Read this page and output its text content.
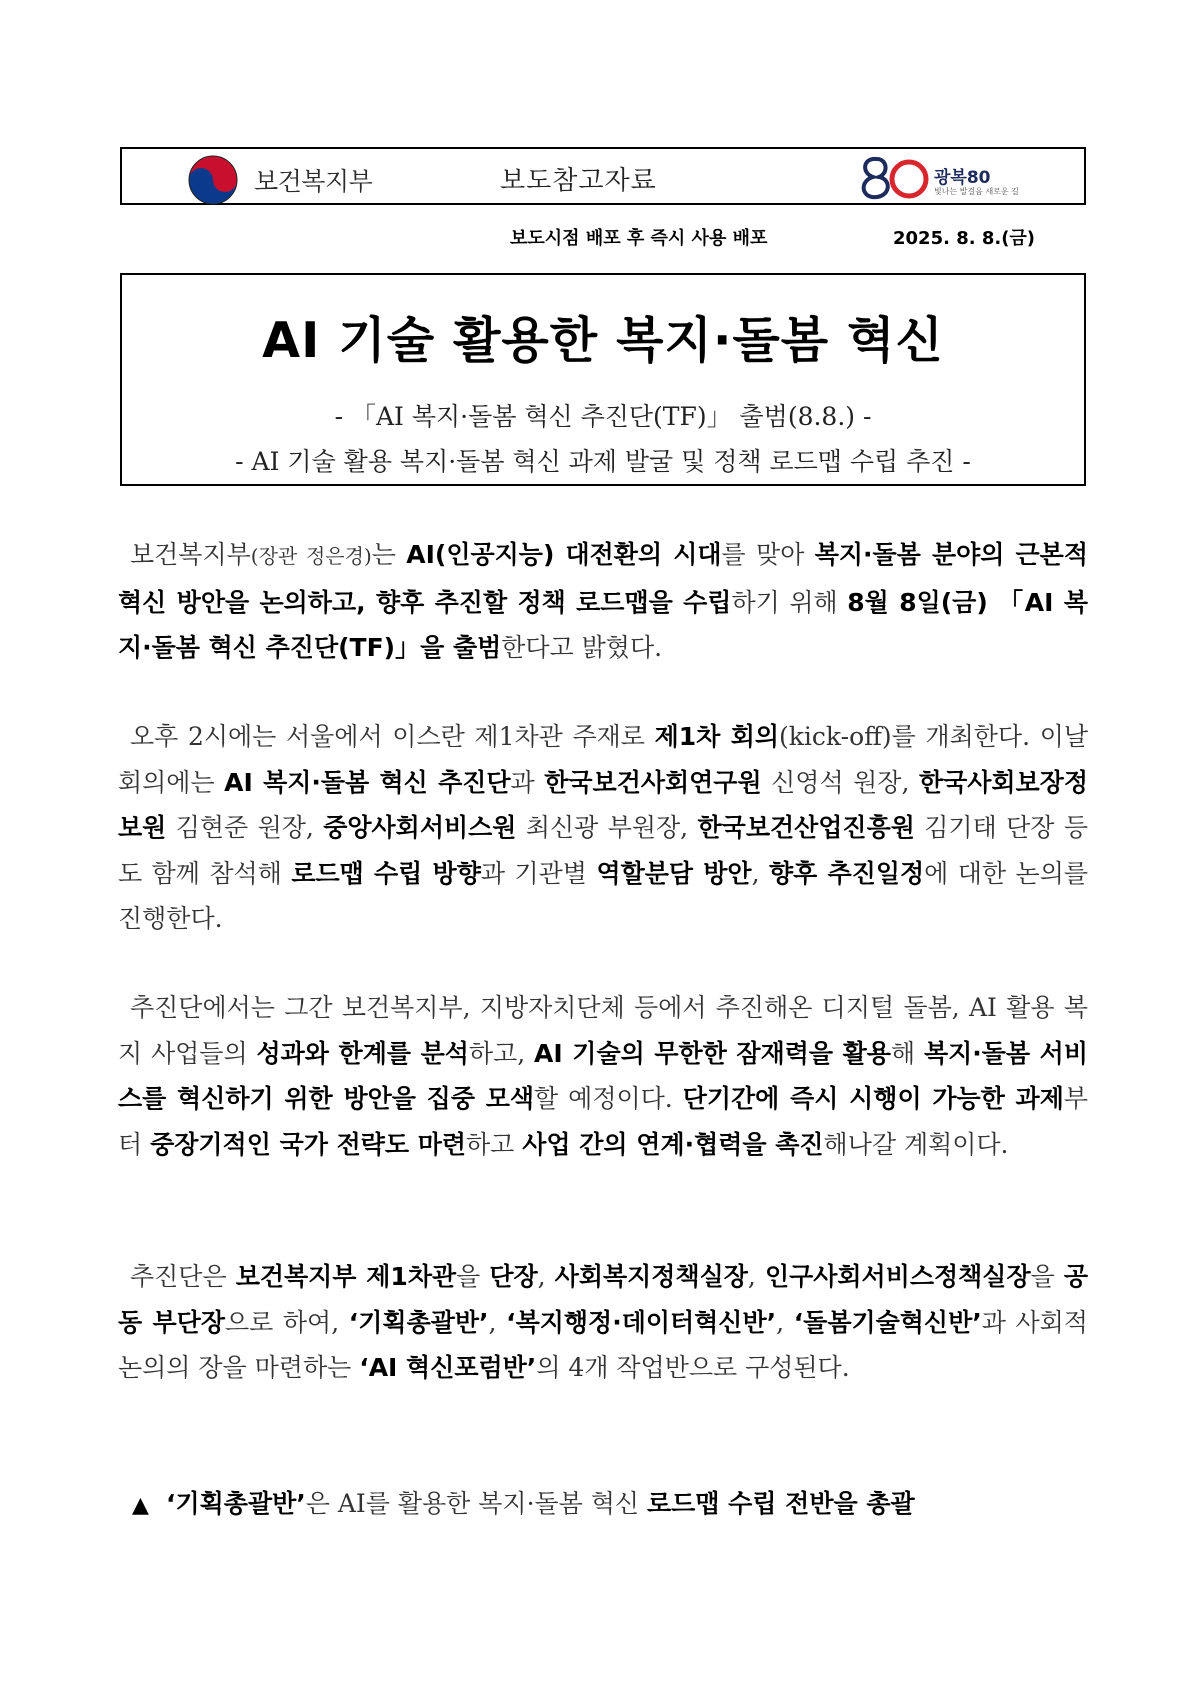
보건복지부	보도참고자료	광복80
빛나는 발걸음 새로운 길
보도시점 배포 후 즉시 사용 배포	2025. 8. 8.(금)
AI 기술 활용한 복지·돌봄 혁신
- 「AI 복지·돌봄 혁신 추진단(TF)」 출범(8.8.) -
- AI 기술 활용 복지·돌봄 혁신 과제 발굴 및 정책 로드맵 수립 추진 -

보건복지부(장관 정은경)는 AI(인공지능) 대전환의 시대를 맞아 복지·돌봄 분야의 근본적 혁신 방안을 논의하고, 향후 추진할 정책 로드맵을 수립하기 위해 8월 8일(금) 「AI 복지·돌봄 혁신 추진단(TF)」을 출범한다고 밝혔다.

오후 2시에는 서울에서 이스란 제1차관 주재로 제1차 회의(kick-off)를 개최한다. 이날 회의에는 AI 복지·돌봄 혁신 추진단과 한국보건사회연구원 신영석 원장, 한국사회보장정보원 김현준 원장, 중앙사회서비스원 최신광 부원장, 한국보건산업진흥원 김기태 단장 등도 함께 참석해 로드맵 수립 방향과 기관별 역할분담 방안, 향후 추진일정에 대한 논의를 진행한다.

추진단에서는 그간 보건복지부, 지방자치단체 등에서 추진해온 디지털 돌봄, AI 활용 복지 사업들의 성과와 한계를 분석하고, AI 기술의 무한한 잠재력을 활용해 복지·돌봄 서비스를 혁신하기 위한 방안을 집중 모색할 예정이다. 단기간에 즉시 시행이 가능한 과제부터 중장기적인 국가 전략도 마련하고 사업 간의 연계·협력을 촉진해나갈 계획이다.

추진단은 보건복지부 제1차관을 단장, 사회복지정책실장, 인구사회서비스정책실장을 공동 부단장으로 하여, ‘기획총괄반’, ‘복지행정·데이터혁신반’, ‘돌봄기술혁신반’과 사회적 논의의 장을 마련하는 ‘AI 혁신포럼반’의 4개 작업반으로 구성된다.

▲ ‘기획총괄반’은 AI를 활용한 복지·돌봄 혁신 로드맵 수립 전반을 총괄
